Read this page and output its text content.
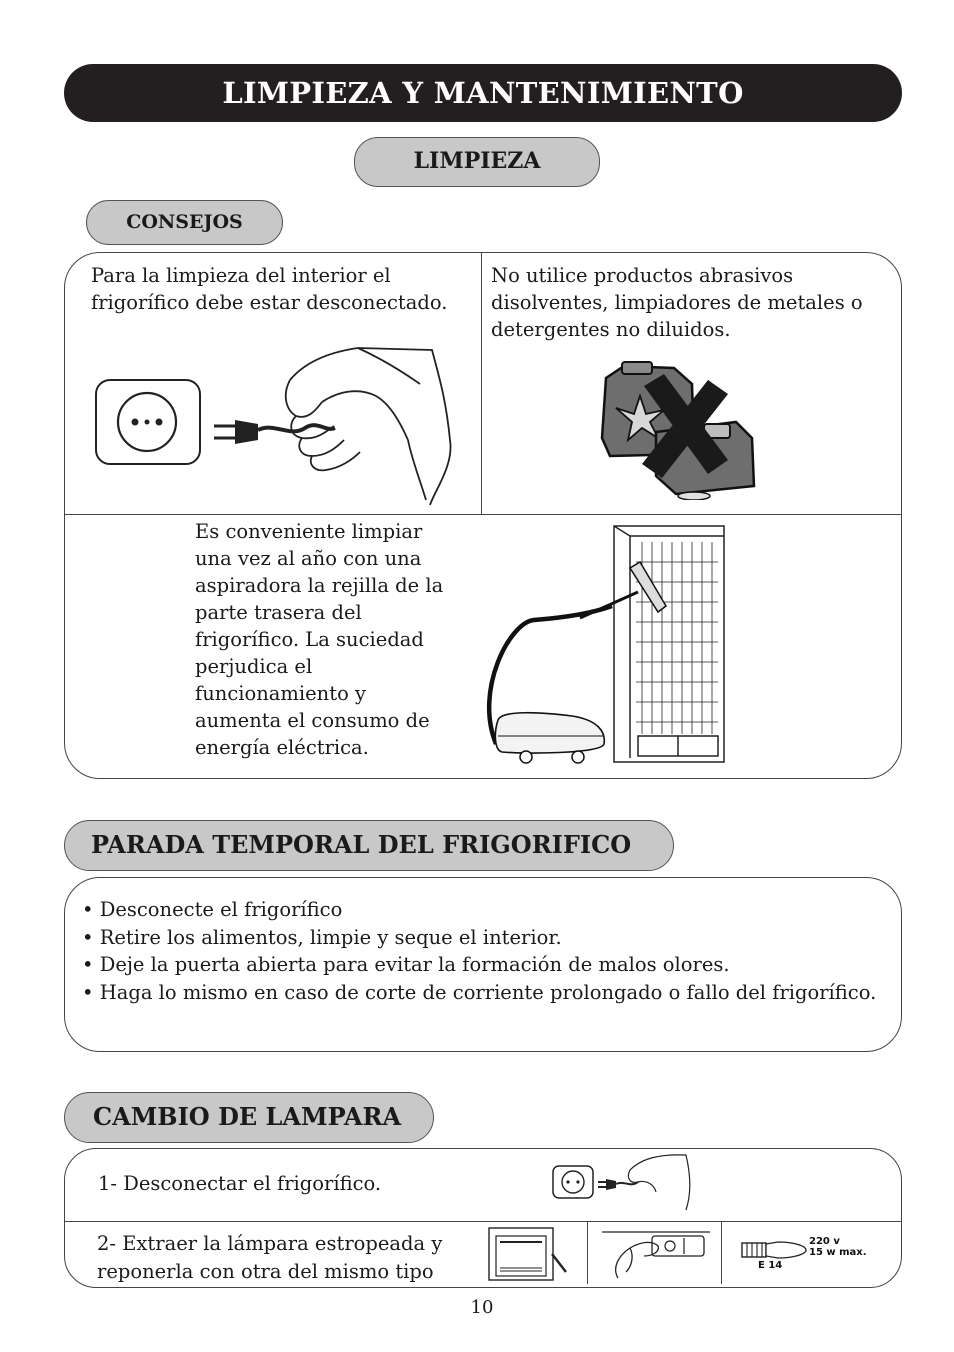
LIMPIEZA Y MANTENIMIENTO
LIMPIEZA
CONSEJOS
Para la limpieza del interior el frigorífico debe estar desconectado.
No utilice productos abrasivos disolventes, limpiadores de metales o detergentes no diluidos.
Es conveniente limpiar una vez al año con una aspiradora la rejilla de la parte trasera del frigorífico. La suciedad perjudica el funcionamiento y aumenta el consumo de energía eléctrica.
PARADA TEMPORAL DEL FRIGORIFICO
• Desconecte el frigorífico
• Retire los alimentos, limpie y seque el interior.
• Deje la puerta abierta para evitar la formación de malos olores.
• Haga lo mismo en caso de corte de corriente prolongado o fallo del frigorífico.
CAMBIO DE LAMPARA
1- Desconectar el frigorífico.
2- Extraer la lámpara estropeada y reponerla con otra del mismo tipo
220 v
15 w max.
E 14
10
